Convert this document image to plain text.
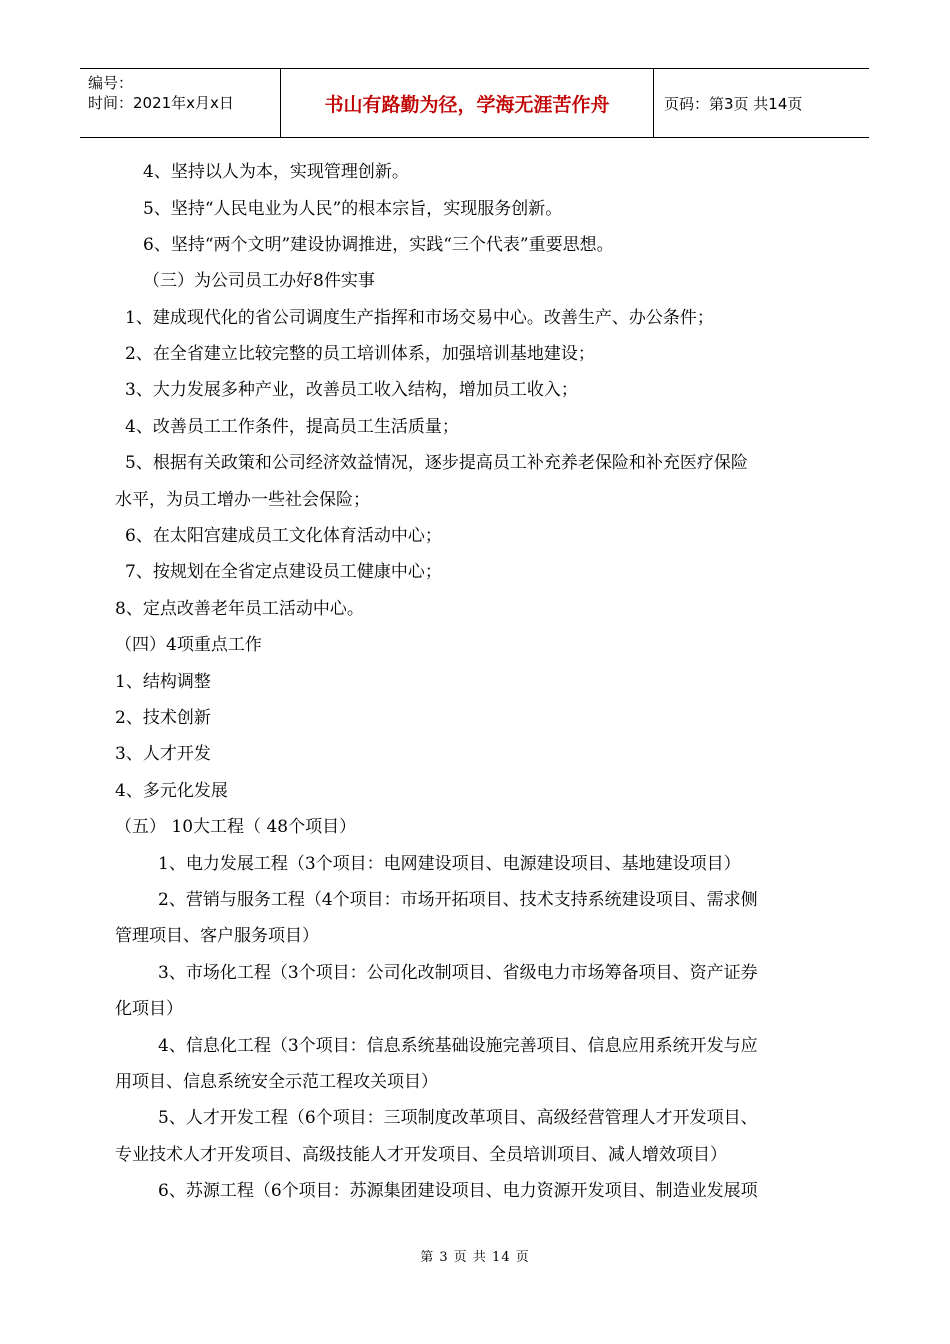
编号：
时间：2021年x月x日	书山有路勤为径，学海无涯苦作舟	页码：第3页 共14页
4、坚持以人为本，实现管理创新。
5、坚持“人民电业为人民”的根本宗旨，实现服务创新。
6、坚持“两个文明”建设协调推进，实践“三个代表”重要思想。
（三）为公司员工办好8件实事
1、建成现代化的省公司调度生产指挥和市场交易中心。改善生产、办公条件；
2、在全省建立比较完整的员工培训体系，加强培训基地建设；
3、大力发展多种产业，改善员工收入结构，增加员工收入；
4、改善员工工作条件，提高员工生活质量；
5、根据有关政策和公司经济效益情况，逐步提高员工补充养老保险和补充医疗保险
水平，为员工增办一些社会保险；
6、在太阳宫建成员工文化体育活动中心；
7、按规划在全省定点建设员工健康中心；
8、定点改善老年员工活动中心。
（四）4项重点工作
1、结构调整
2、技术创新
3、人才开发
4、多元化发展
（五） 10大工程（ 48个项目）
1、电力发展工程（3个项目：电网建设项目、电源建设项目、基地建设项目）
2、营销与服务工程（4个项目：市场开拓项目、技术支持系统建设项目、需求侧
管理项目、客户服务项目）
3、市场化工程（3个项目：公司化改制项目、省级电力市场筹备项目、资产证券
化项目）
4、信息化工程（3个项目：信息系统基础设施完善项目、信息应用系统开发与应
用项目、信息系统安全示范工程攻关项目）
5、人才开发工程（6个项目：三项制度改革项目、高级经营管理人才开发项目、
专业技术人才开发项目、高级技能人才开发项目、全员培训项目、减人增效项目）
6、苏源工程（6个项目：苏源集团建设项目、电力资源开发项目、制造业发展项
第 3 页 共 14 页
